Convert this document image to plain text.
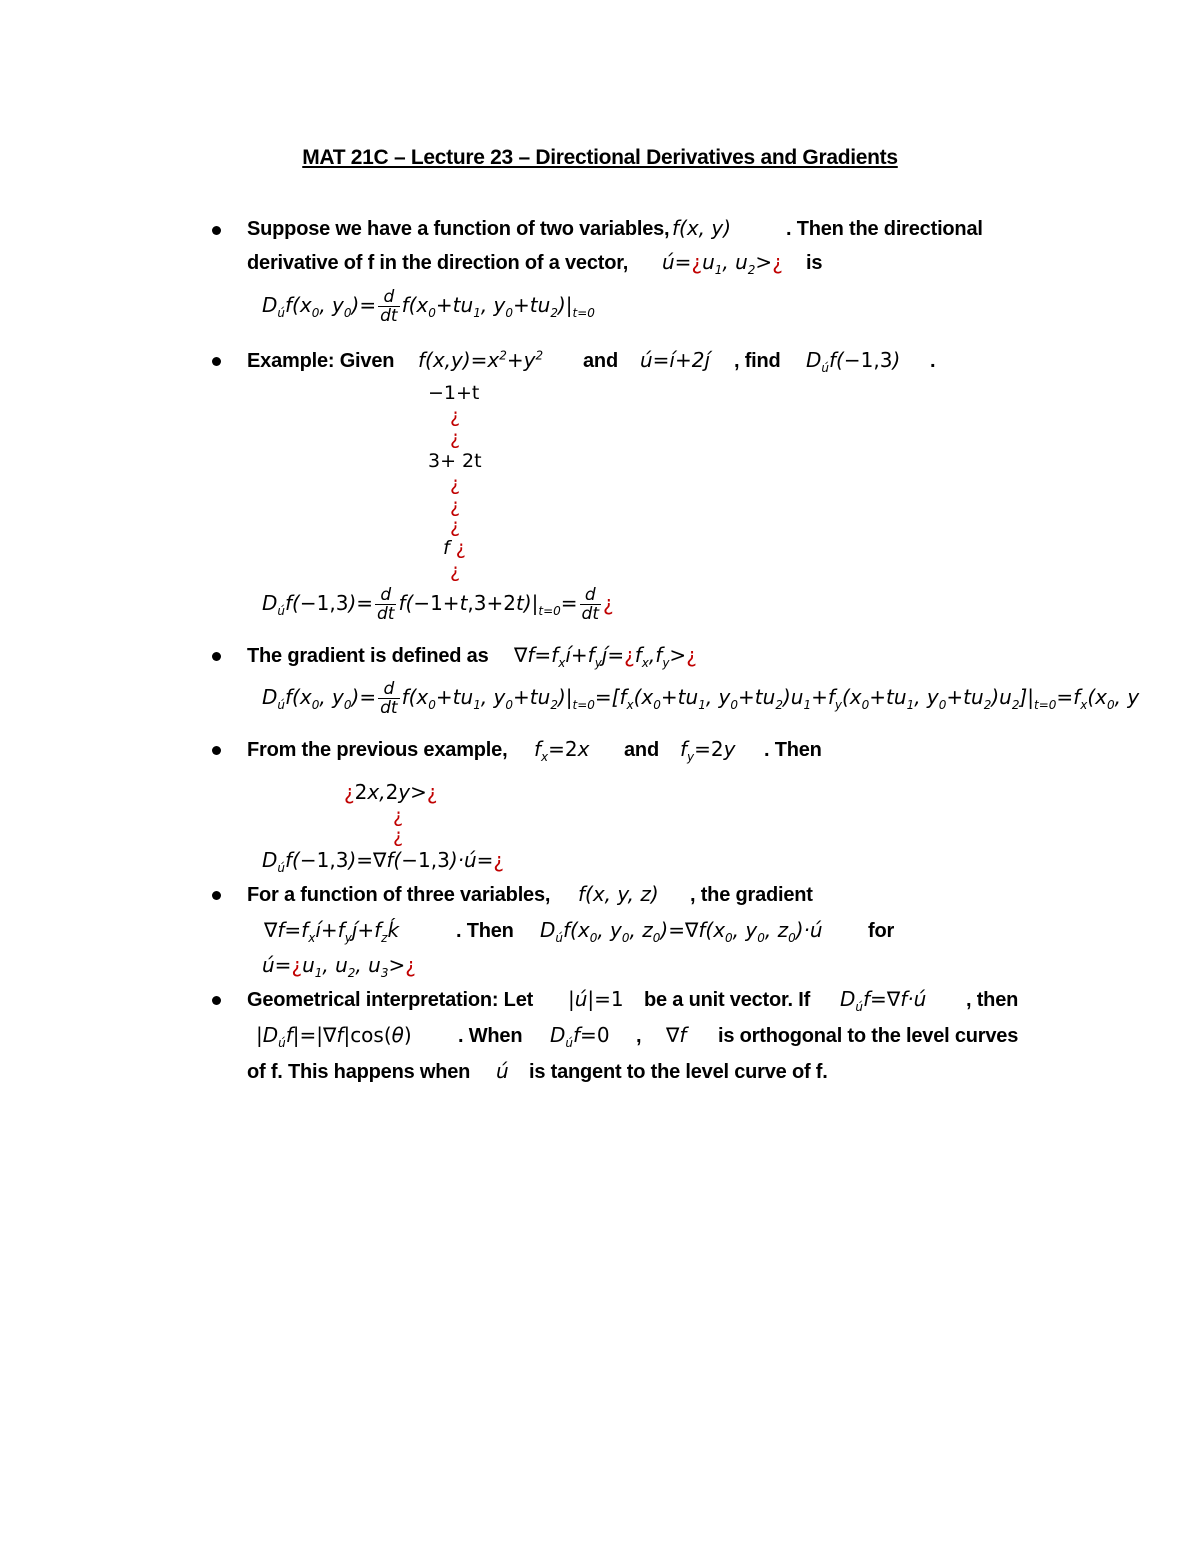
MAT 21C – Lecture 23 – Directional Derivatives and Gradients
Suppose we have a function of two variables, f(x, y)	. Then the directional
derivative of f in the direction of a vector, $ú=¿u_1$, $u_2>¿$ is
$D_{ú}f(x_0$, $y_0)= \frac{d}{dt} f(x_0+tu_1$, $y_0+tu_2)|_{t=0}$
Example: Given $f(x,y)=x^2+y^2$ and ú=í+2j́ , find $D_{ú}f(-1,3)$ .
−1+t
¿
¿
3+ 2t
¿
¿
¿
f ¿
¿
$D_{ú}f(-1,3)= \frac{d}{dt} f(-1+t,3+2t)|_{t=0}= \frac{d}{dt}$ ¿
The gradient is defined as $\nabla f=f_xí+f_yj́=¿f_x,f_y>¿$
$D_{ú}f(x_0$, $y_0)= \frac{d}{dt} f(x_0+tu_1$, $y_0+tu_2)|_{t=0}=[f_x(x_0+tu_1$, $y_0+tu_2)u_1+f_y(x_0+tu_1$, $y_0+tu_2)u_2]|_{t=0}=f_x(x_0$, y
From the previous example, $f_x=2x$ and $f_y=2y$ . Then
¿2x,2y>¿
¿
¿
$D_{ú}f(-1,3)=\nabla f(-1,3)\cdot ú=¿$
For a function of three variables, f(x, y, z) , the gradient
$\nabla f=f_xí+f_yj́+f_zḱ$	. Then $D_{ú}f(x_0$, $y_0$, $z_0)=\nabla f(x_0$, $y_0$, $z_0)\cdot ú$ for
$ú=¿u_1$, $u_2$, $u_3>¿$
Geometrical interpretation: Let |ú|=1 be a unit vector. If $D_{ú}f=\nabla f\cdot ú$ , then
$|D_{ú}f|=|\nabla f|\cos(\theta)$ . When $D_{ú}f=0$ , ∇f is orthogonal to the level curves
of f. This happens when ú is tangent to the level curve of f.
